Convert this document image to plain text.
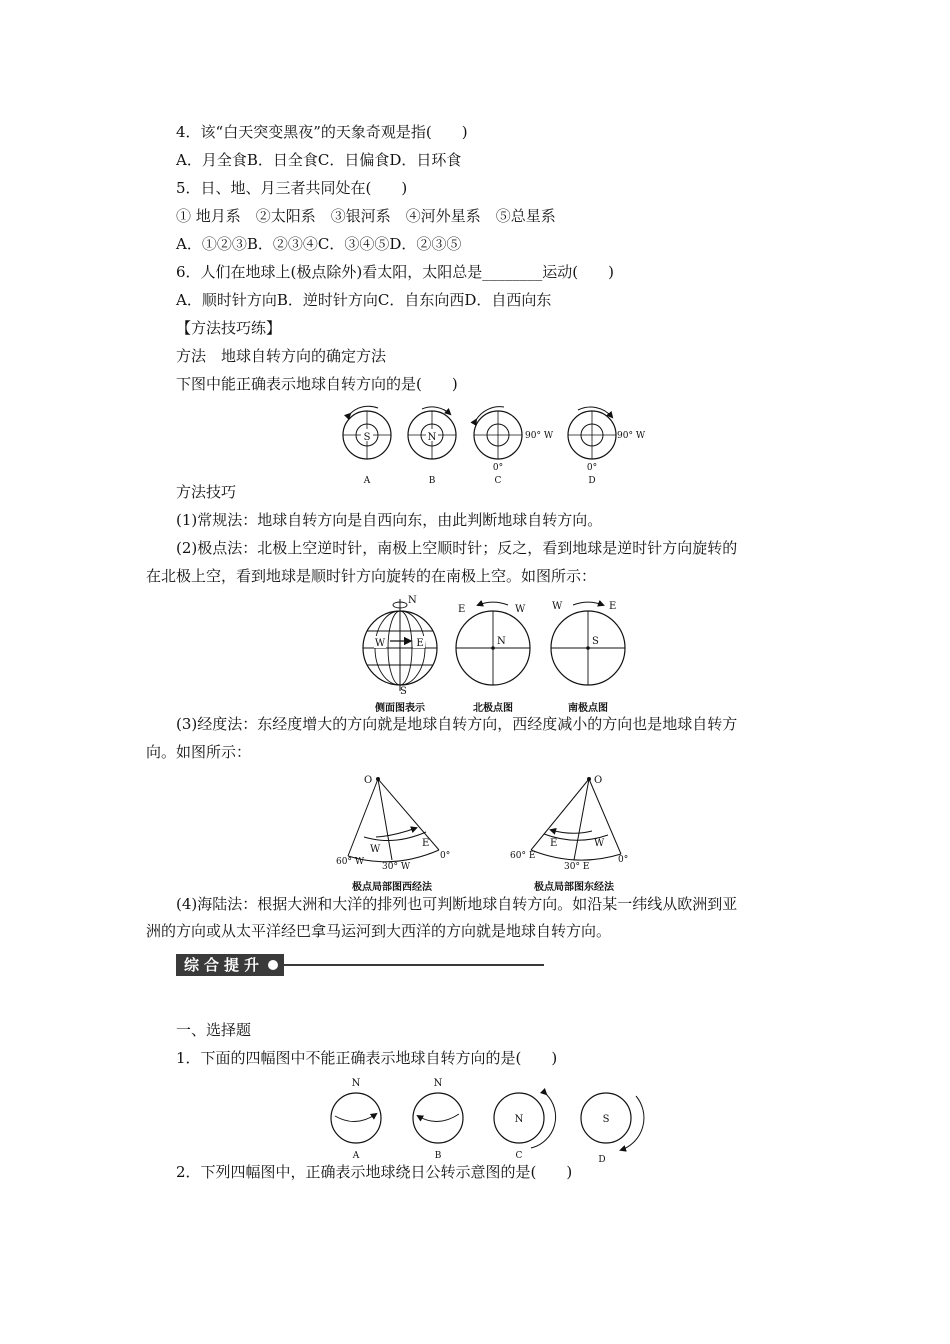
4．该“白天突变黑夜”的天象奇观是指(　　)
A．月全食B．日全食C．日偏食D．日环食
5．日、地、月三者共同处在(　　)
① 地月系　②太阳系　③银河系　④河外星系　⑤总星系
A．①②③B．②③④C．③④⑤D．②③⑤
6．人们在地球上(极点除外)看太阳，太阳总是________运动(　　)
A．顺时针方向B．逆时针方向C．自东向西D．自西向东
【方法技巧练】
方法　地球自转方向的确定方法
下图中能正确表示地球自转方向的是(　　)
S	N	90° W
0°
90° W
0°
A	B	C	D
方法技巧
(1)常规法：地球自转方向是自西向东，由此判断地球自转方向。
(2)极点法：北极上空逆时针，南极上空顺时针；反之，看到地球是逆时针方向旋转的
在北极上空，看到地球是顺时针方向旋转的在南极上空。如图所示：
W	E
N
S
N
E	W
S
W	E
侧面图表示	北极点图	南极点图
(3)经度法：东经度增大的方向就是地球自转方向，西经度减小的方向也是地球自转方
向。如图所示：
O
W
E
60° W 30° W
0°
O
E	W
60° E
30° E
0°
极点局部图西经法	极点局部图东经法
(4)海陆法：根据大洲和大洋的排列也可判断地球自转方向。如沿某一纬线从欧洲到亚
洲的方向或从太平洋经巴拿马运河到大西洋的方向就是地球自转方向。
综合提升
一、选择题
1．下面的四幅图中不能正确表示地球自转方向的是(　　)
N	N
N	S
A	B	C	D
2．下列四幅图中，正确表示地球绕日公转示意图的是(　　)
